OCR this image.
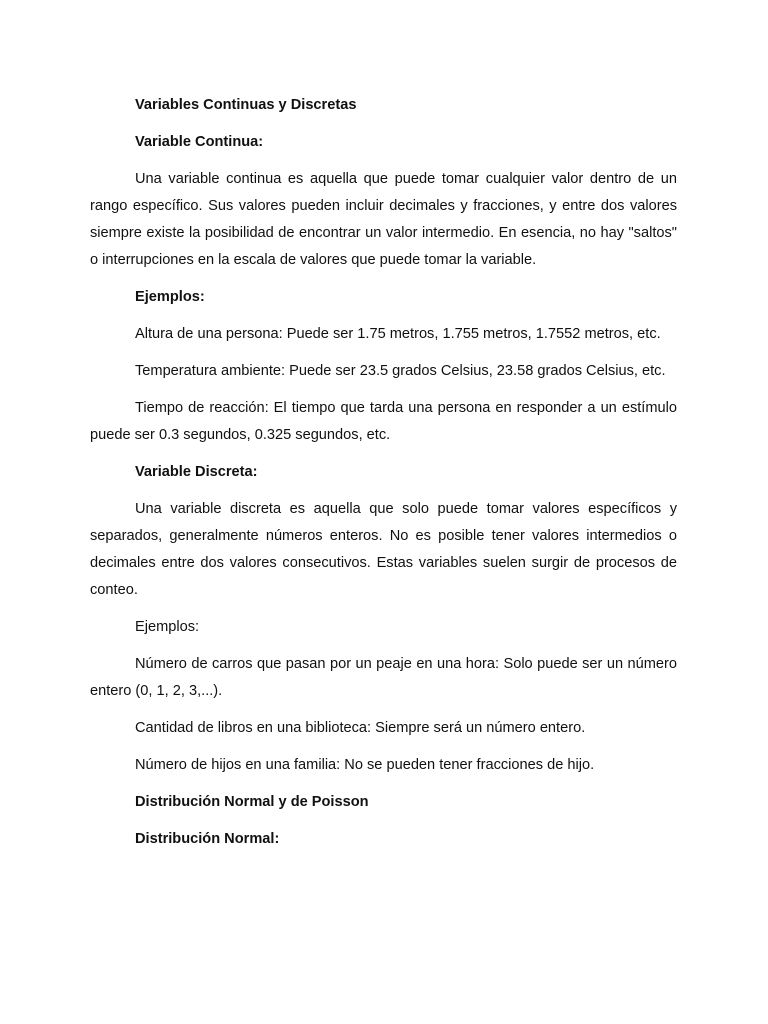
Variables Continuas y Discretas

Variable Continua:

Una variable continua es aquella que puede tomar cualquier valor dentro de un rango específico. Sus valores pueden incluir decimales y fracciones, y entre dos valores siempre existe la posibilidad de encontrar un valor intermedio. En esencia, no hay "saltos" o interrupciones en la escala de valores que puede tomar la variable.

Ejemplos:

Altura de una persona: Puede ser 1.75 metros, 1.755 metros, 1.7552 metros, etc.

Temperatura ambiente: Puede ser 23.5 grados Celsius, 23.58 grados Celsius, etc.

Tiempo de reacción: El tiempo que tarda una persona en responder a un estímulo puede ser 0.3 segundos, 0.325 segundos, etc.

Variable Discreta:

Una variable discreta es aquella que solo puede tomar valores específicos y separados, generalmente números enteros. No es posible tener valores intermedios o decimales entre dos valores consecutivos. Estas variables suelen surgir de procesos de conteo.

Ejemplos:

Número de carros que pasan por un peaje en una hora: Solo puede ser un número entero (0, 1, 2, 3,...).

Cantidad de libros en una biblioteca: Siempre será un número entero.

Número de hijos en una familia: No se pueden tener fracciones de hijo.

Distribución Normal y de Poisson

Distribución Normal:
